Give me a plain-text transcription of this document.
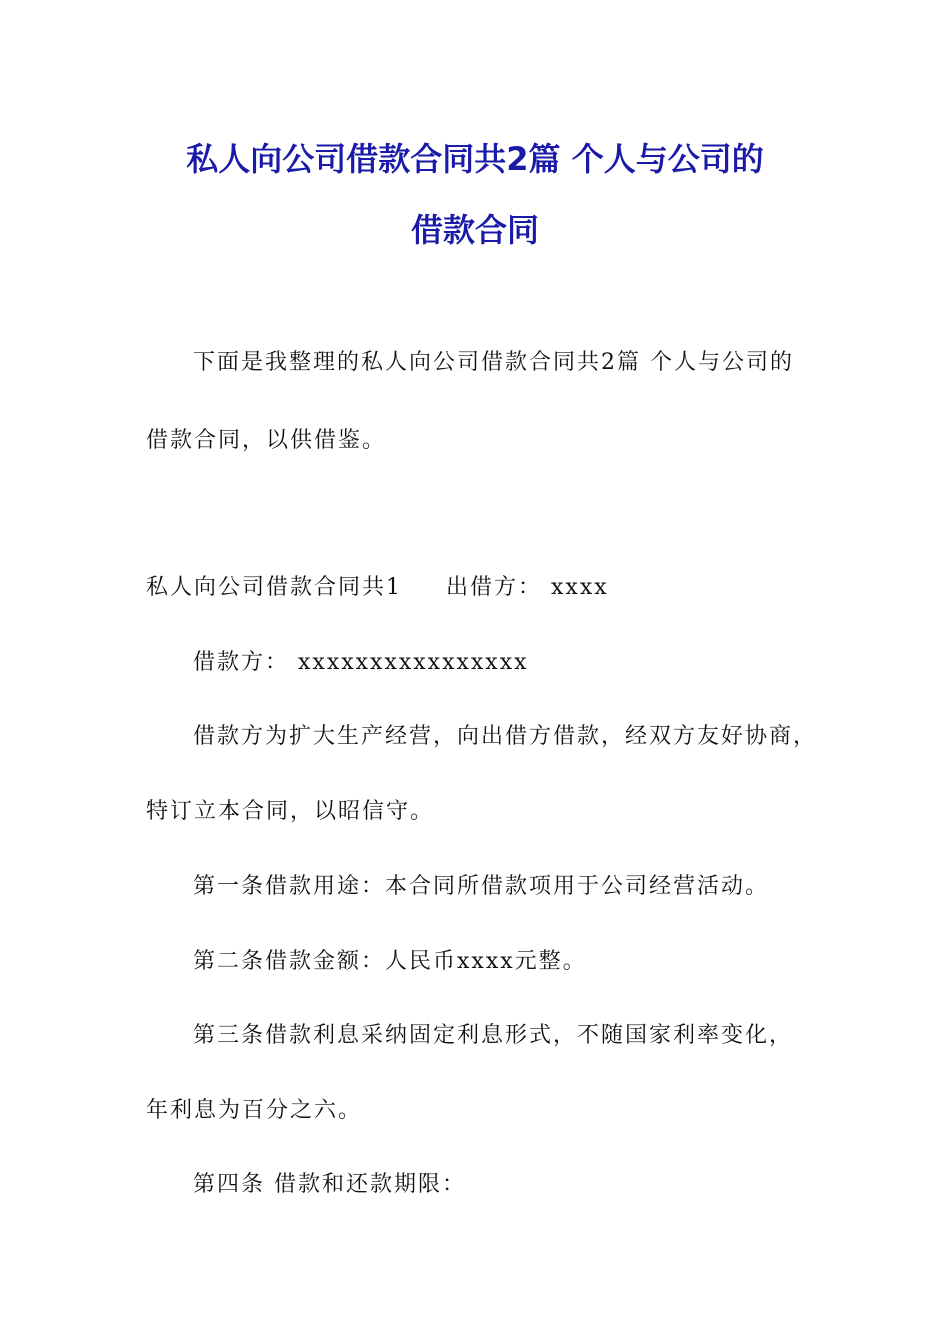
私人向公司借款合同共2篇 个人与公司的
借款合同
下面是我整理的私人向公司借款合同共2篇 个人与公司的
借款合同，以供借鉴。
私人向公司借款合同共1 出借方： xxxx
借款方： xxxxxxxxxxxxxxxx
借款方为扩大生产经营，向出借方借款，经双方友好协商，
特订立本合同，以昭信守。
第一条借款用途：本合同所借款项用于公司经营活动。
第二条借款金额：人民币xxxx元整。
第三条借款利息采纳固定利息形式，不随国家利率变化，
年利息为百分之六。
第四条 借款和还款期限：
